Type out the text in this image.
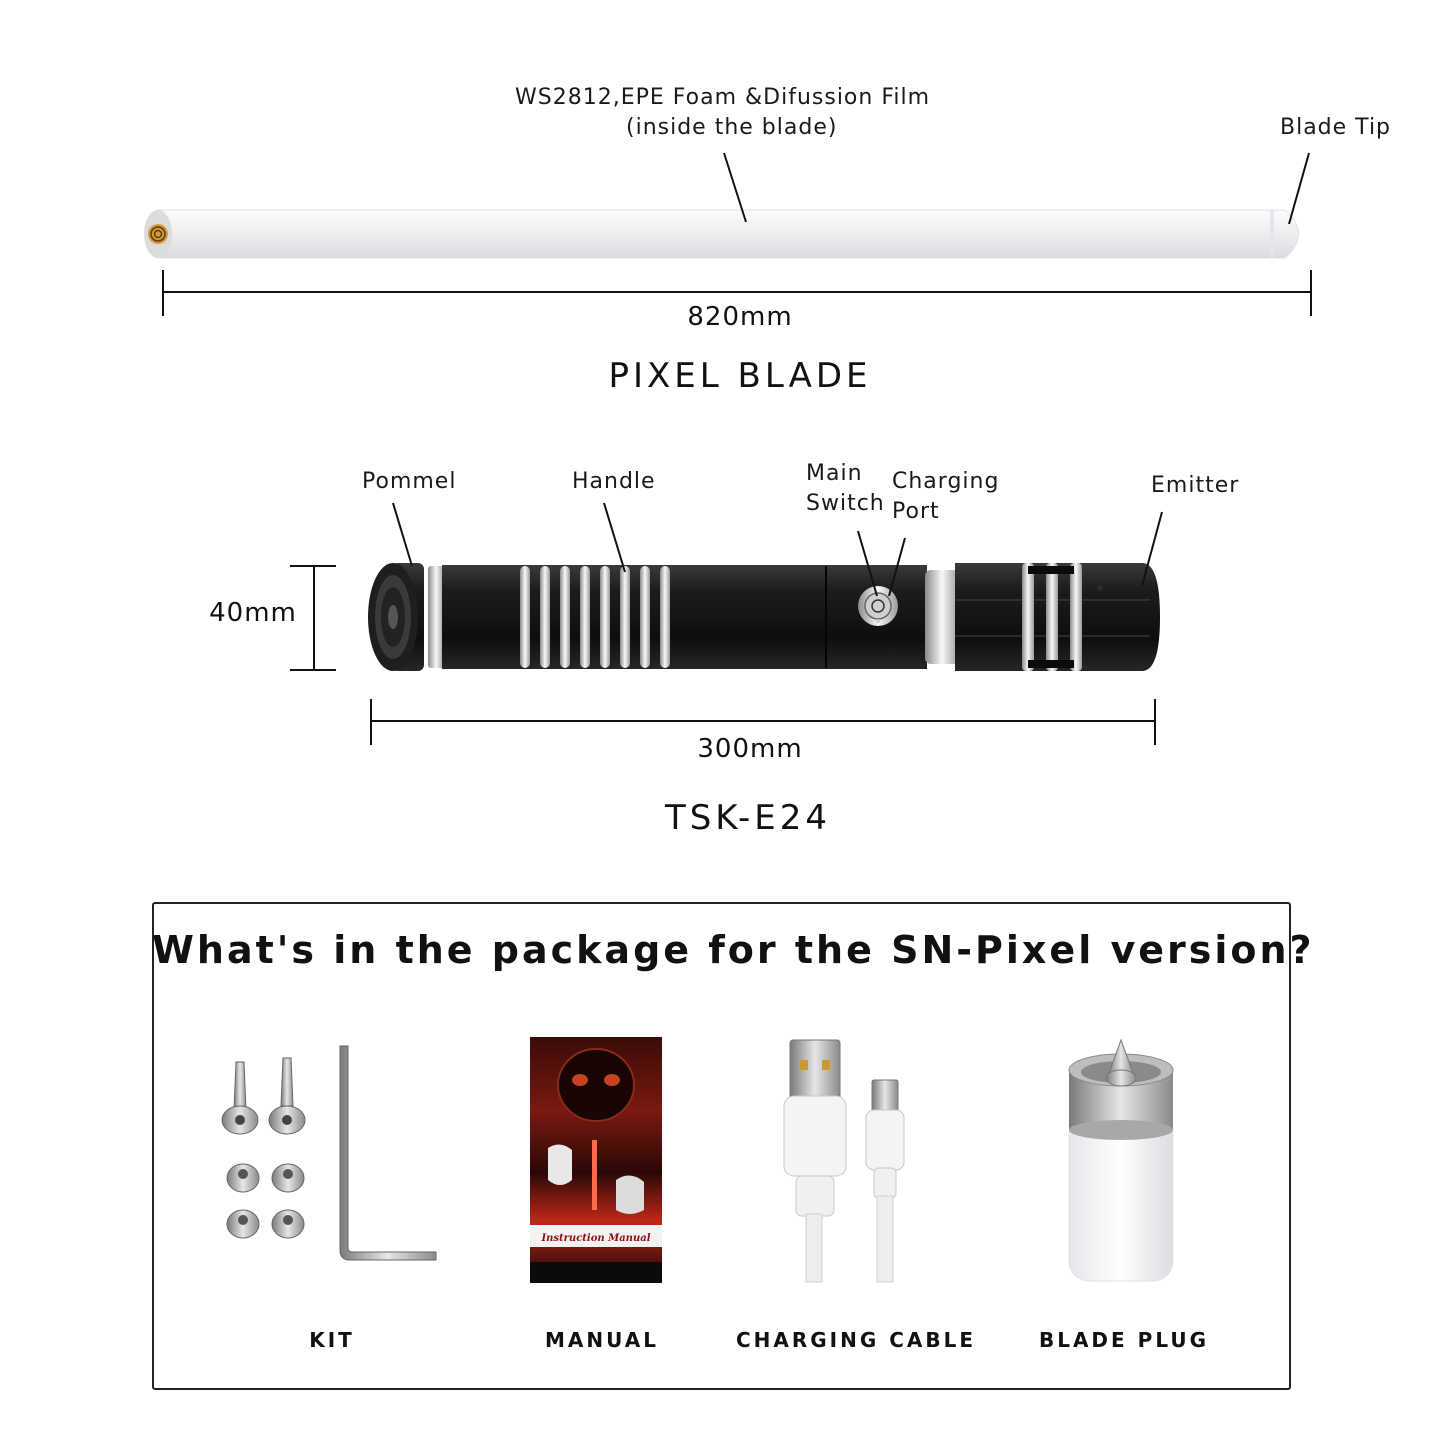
WS2812,EPE Foam &Difussion Film
(inside the blade)	Blade Tip
820mm
PIXEL BLADE
Pommel	Handle	Main
Switch
Charging
Port
Emitter
40mm
300mm
TSK-E24
What's in the package for the SN-Pixel version?
Instruction Manual
KIT	MANUAL	CHARGING CABLE	BLADE PLUG
